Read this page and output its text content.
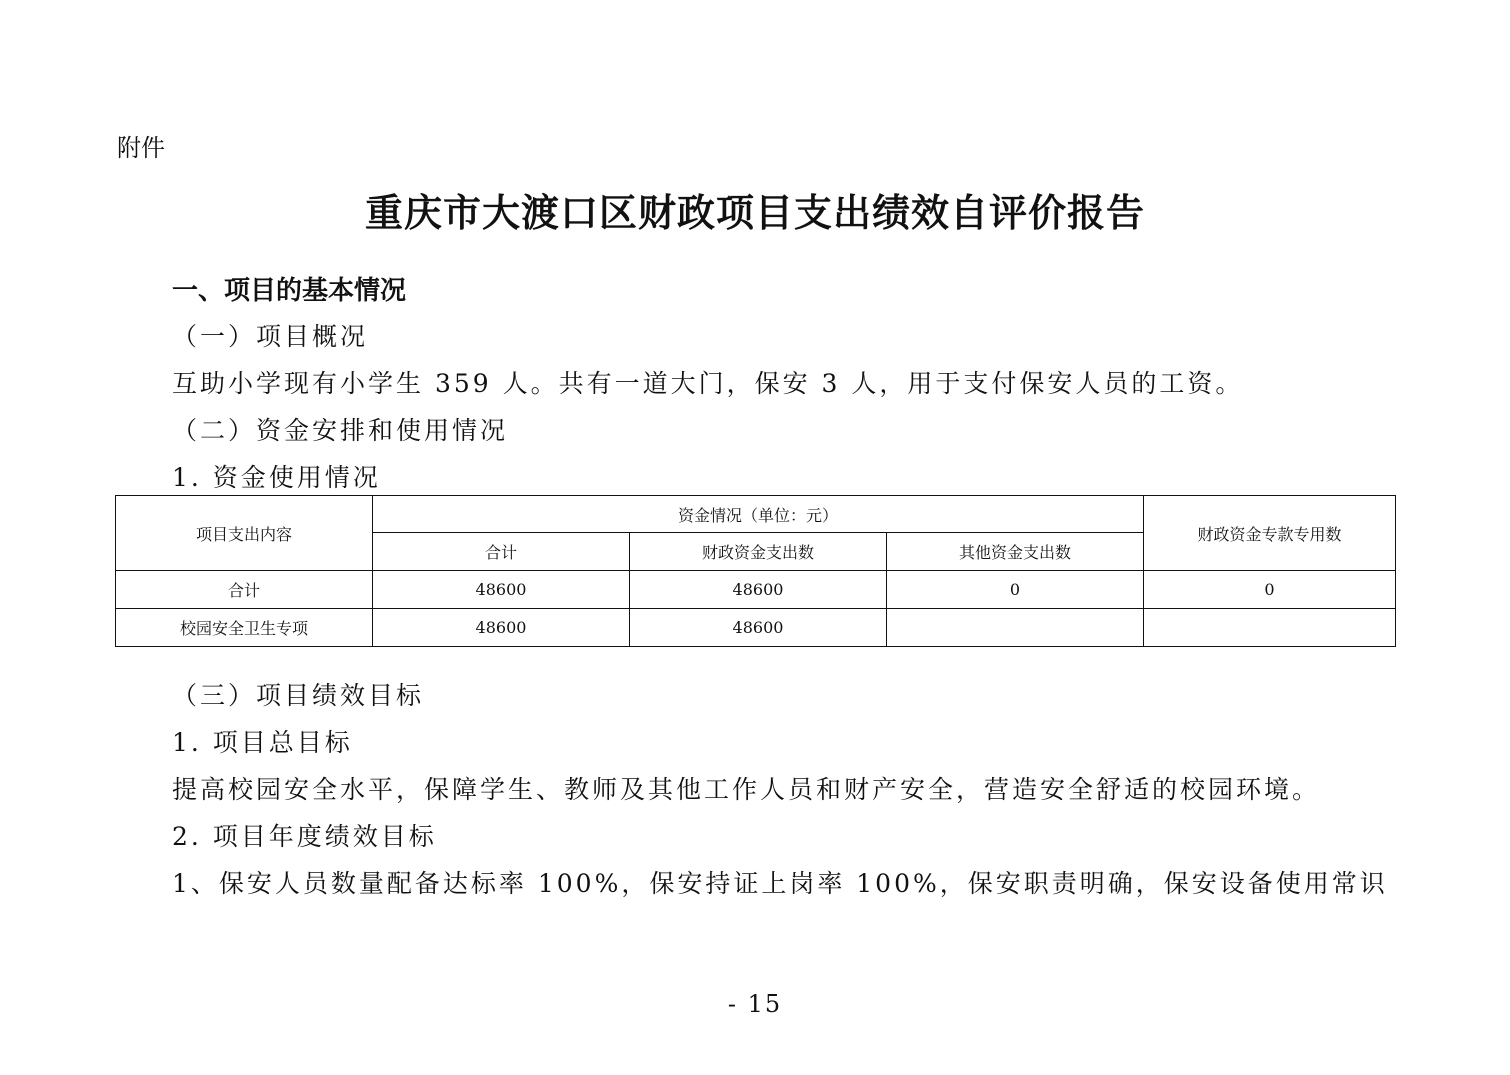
附件
重庆市大渡口区财政项目支出绩效自评价报告
一、项目的基本情况
（一）项目概况
互助小学现有小学生 359 人。共有一道大门，保安 3 人，用于支付保安人员的工资。
（二）资金安排和使用情况
1. 资金使用情况
项目支出内容	资金情况（单位：元）			财政资金专款专用数
	合计	财政资金支出数	其他资金支出数	
合计	48600	48600	0	0
校园安全卫生专项	48600	48600		
（三）项目绩效目标
1. 项目总目标
提高校园安全水平，保障学生、教师及其他工作人员和财产安全，营造安全舒适的校园环境。
2. 项目年度绩效目标
1、保安人员数量配备达标率 100%，保安持证上岗率 100%，保安职责明确，保安设备使用常识
- 15
